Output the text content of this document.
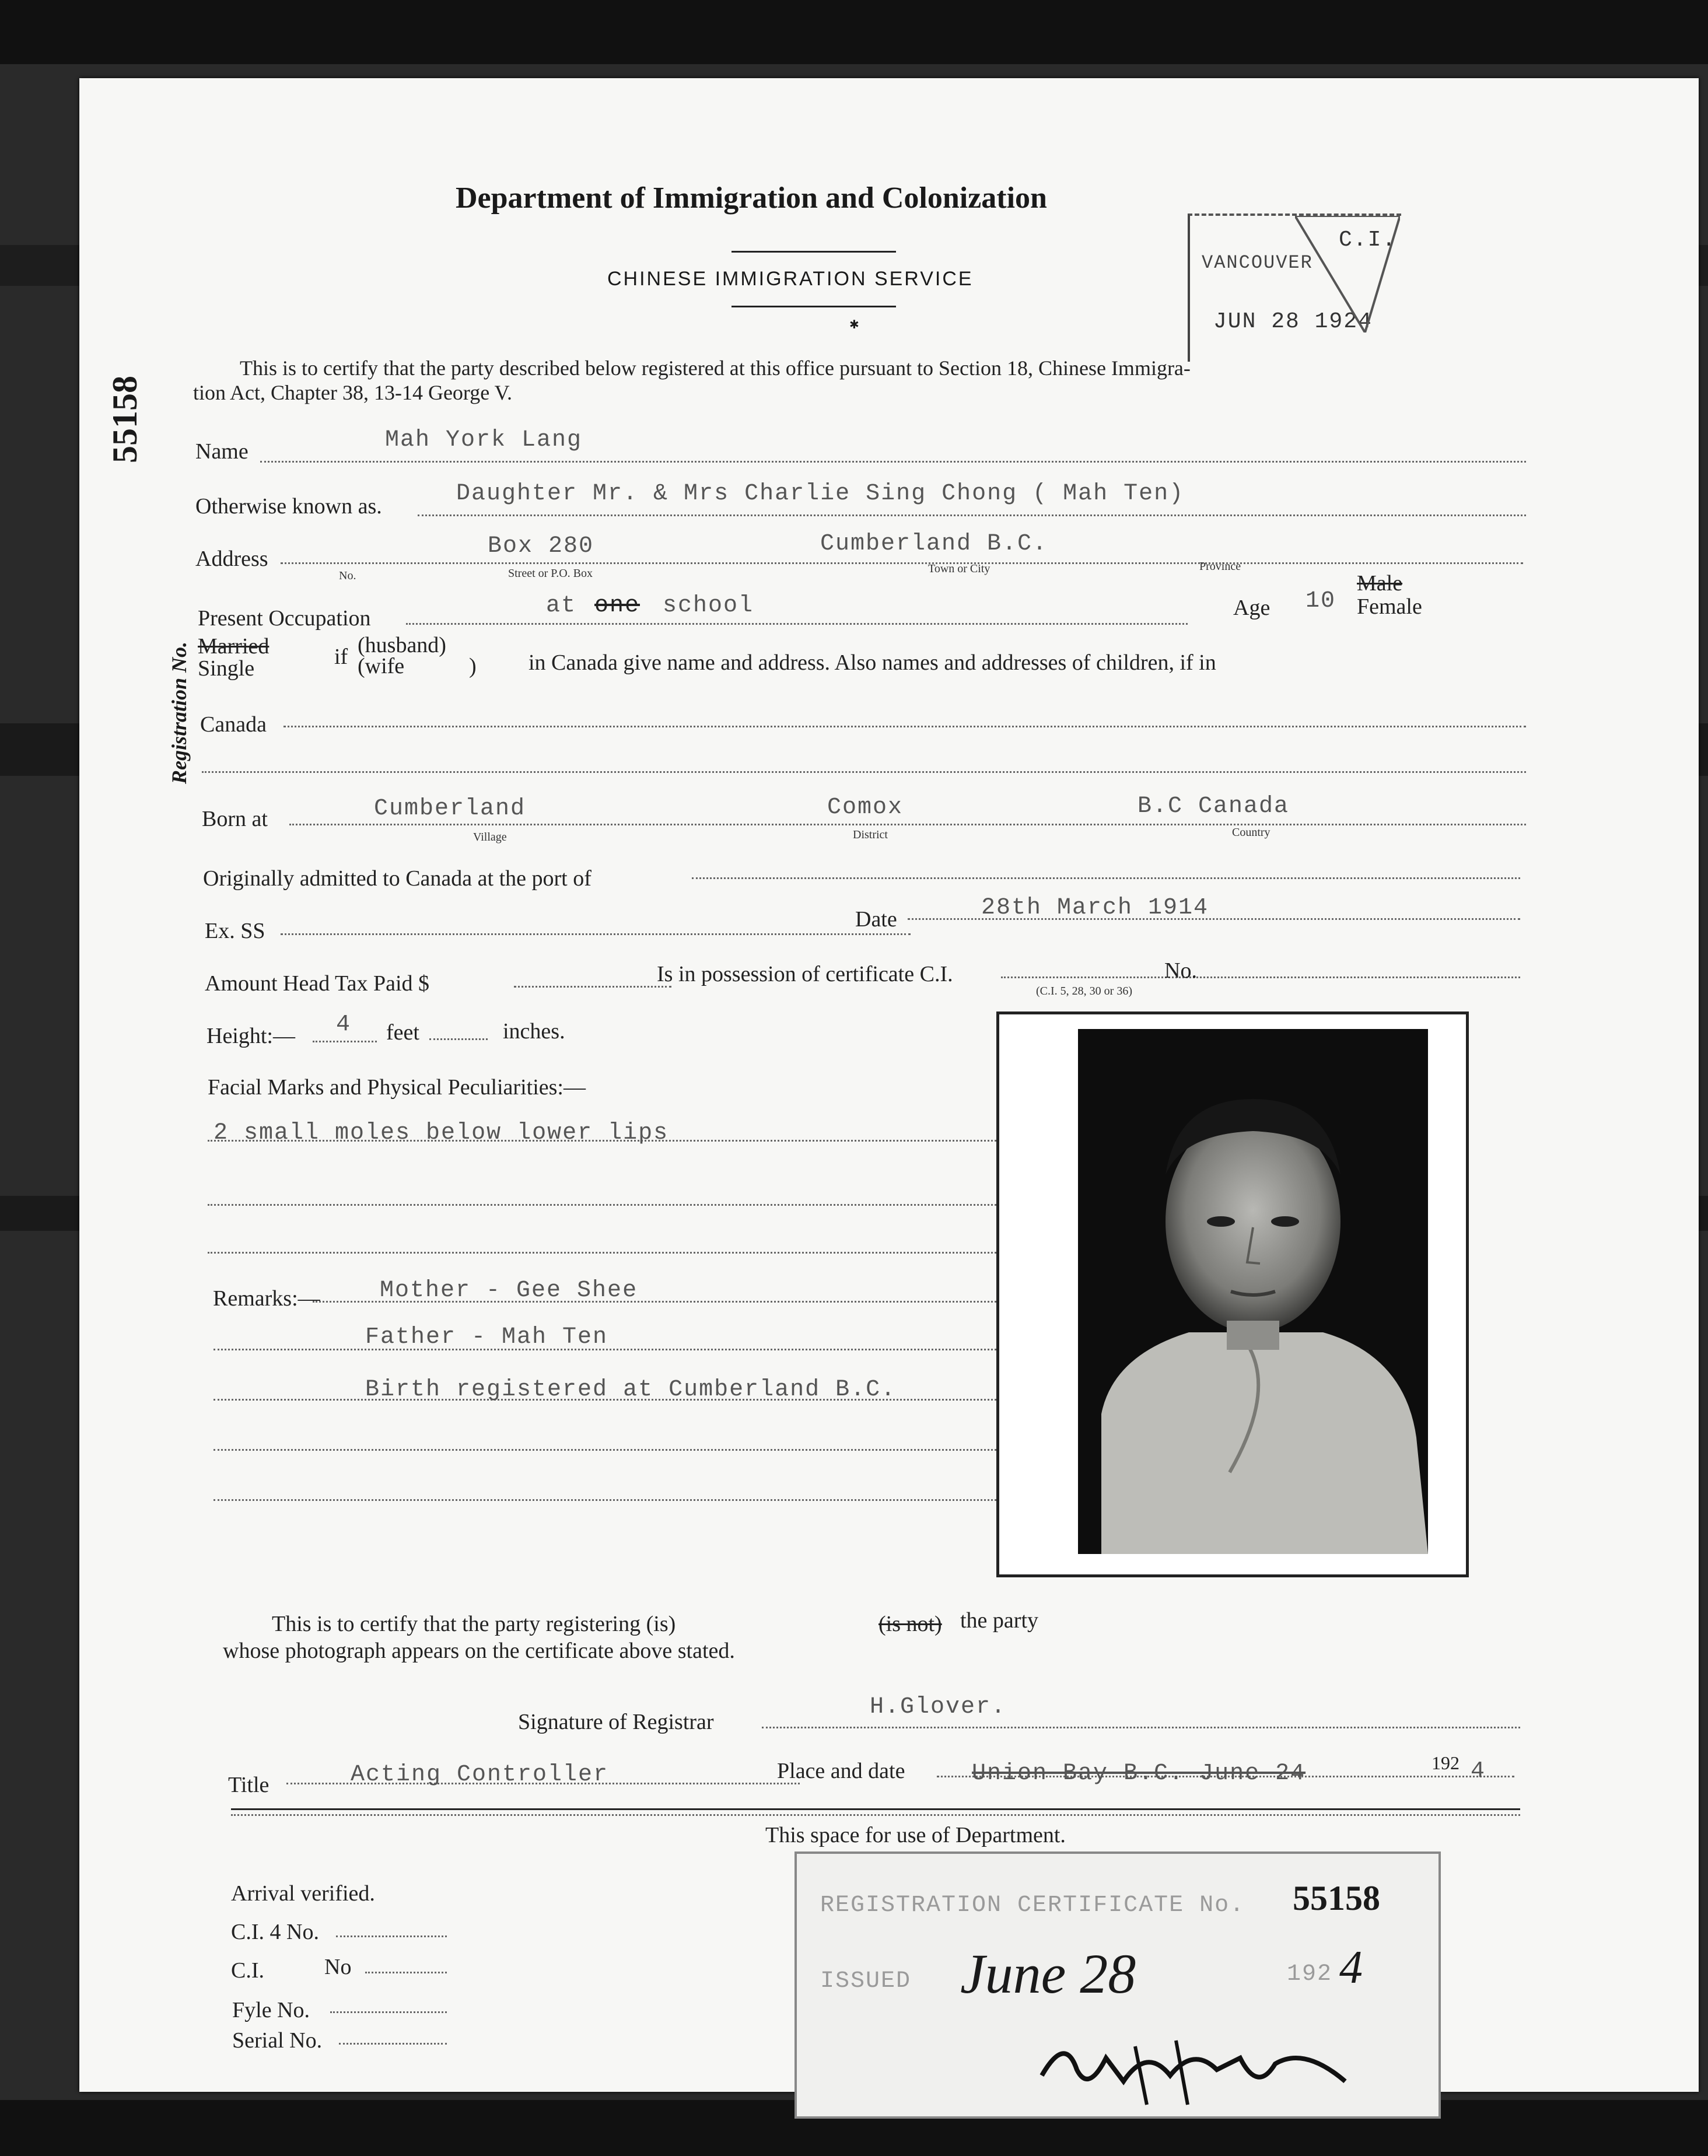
55158
Registration No.
Department of Immigration and Colonization
CHINESE IMMIGRATION SERVICE
✱
C.I.
VANCOUVER
JUN 28 1924
This is to certify that the party described below registered at this office pursuant to Section 18, Chinese Immigra-
tion Act, Chapter 38, 13-14 George V.
Name	Mah York Lang
Otherwise known as.	Daughter Mr. & Mrs Charlie Sing Chong ( Mah Ten)
Address
No.
Box 280
Street or P.O. Box
Cumberland B.C.
Town or City	Province
Present Occupation	at one school	Age 10
Male
Female
Married
Single	if (husband)
(wife	) in Canada give name and address. Also names and addresses of children, if in
Canada
Born at	Cumberland
Village
Comox
District
B.C Canada
Country
Originally admitted to Canada at the port of
Ex. SS	Date	28th March 1914
Amount Head Tax Paid $	Is in possession of certificate C.I.	No.
(C.I. 5, 28, 30 or 36)
Height:— 4 feet	inches.
Facial Marks and Physical Peculiarities:—
2 small moles below lower lips
Remarks:—	Mother - Gee Shee
Father - Mah Ten
Birth registered at Cumberland B.C.
This is to certify that the party registering (is)	(is not) the party
whose photograph appears on the certificate above stated.
Signature of Registrar
H.Glover.
Title	Acting Controller	Place and date	Union Bay B.C. June 24	192 4
This space for use of Department.
Arrival verified.
C.I. 4 No.
C.I.	No
Fyle No.
Serial No.
REGISTRATION CERTIFICATE No. 55158
ISSUED June 28	192 4
